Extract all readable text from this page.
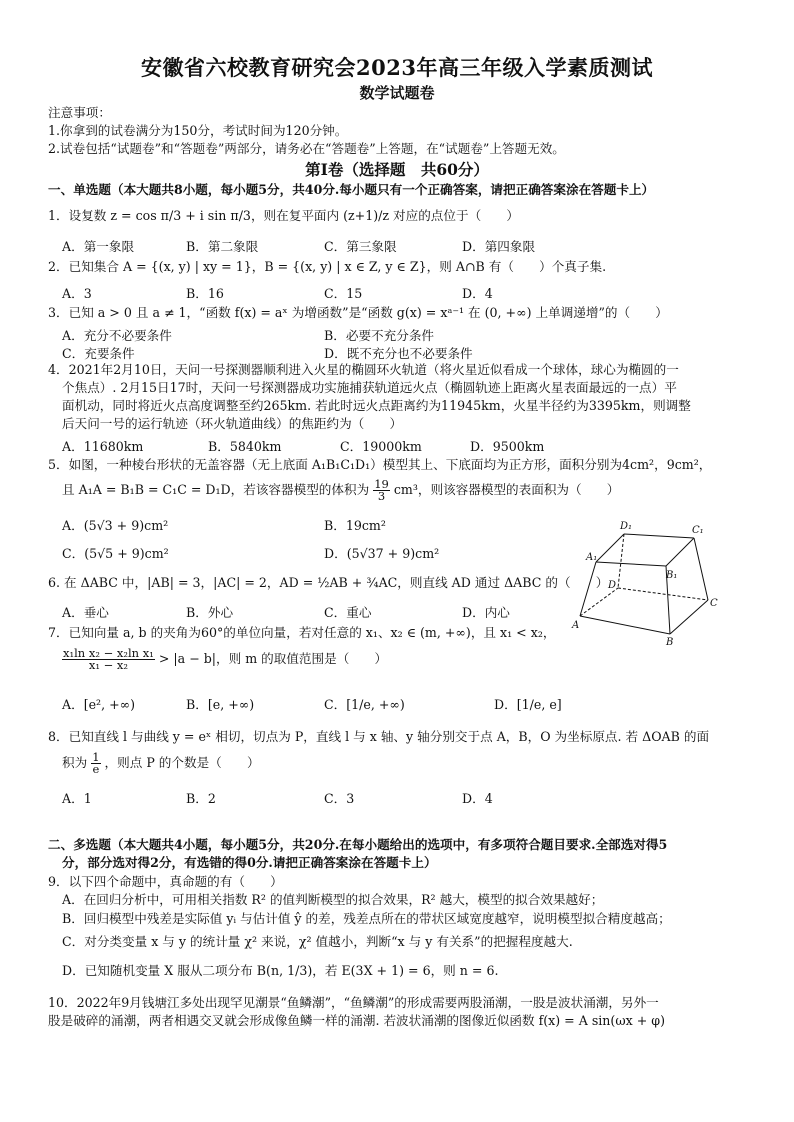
安徽省六校教育研究会2023年高三年级入学素质测试
数学试题卷
注意事项：
1.你拿到的试卷满分为150分，考试时间为120分钟。
2.试卷包括“试题卷”和“答题卷”两部分，请务必在“答题卷”上答题，在“试题卷”上答题无效。
第Ⅰ卷（选择题　共60分）
一、单选题（本大题共8小题，每小题5分，共40分.每小题只有一个正确答案，请把正确答案涂在答题卡上）
1．设复数 z = cos π/3 + i sin π/3，则在复平面内 (z+1)/z 对应的点位于（　　）
A．第一象限	B．第二象限	C．第三象限	D．第四象限
2．已知集合 A = {(x, y) | xy = 1}，B = {(x, y) | x ∈ Z, y ∈ Z}，则 A∩B 有（　　）个真子集.
A．3	B．16	C．15	D．4
3．已知 a > 0 且 a ≠ 1，“函数 f(x) = aˣ 为增函数”是“函数 g(x) = xᵃ⁻¹ 在 (0, +∞) 上单调递增”的（　　）
A．充分不必要条件	B．必要不充分条件
C．充要条件	D．既不充分也不必要条件
4．2021年2月10日，天问一号探测器顺利进入火星的椭圆环火轨道（将火星近似看成一个球体，球心为椭圆的一
个焦点）. 2月15日17时，天问一号探测器成功实施捕获轨道远火点（椭圆轨迹上距离火星表面最远的一点）平
面机动，同时将近火点高度调整至约265km. 若此时远火点距离约为11945km，火星半径约为3395km，则调整
后天问一号的运行轨迹（环火轨道曲线）的焦距约为（　　）
A．11680km	B．5840km	C．19000km	D．9500km
5．如图，一种棱台形状的无盖容器（无上底面 A₁B₁C₁D₁）模型其上、下底面均为正方形，面积分别为4cm²，9cm²，
且 A₁A = B₁B = C₁C = D₁D，若该容器模型的体积为 $\frac{19}{3} cm^3$，则该容器模型的表面积为（　　）
A．(5√3 + 9)cm²	B．19cm²
C．(5√5 + 9)cm²	D．(5√37 + 9)cm²
D₁	C₁
A₁
B₁
D
C
A
B
6. 在 ΔABC 中，|AB| = 3，|AC| = 2，AD = ½AB + ¾AC，则直线 AD 通过 ΔABC 的（　　）
A．垂心	B．外心	C．重心	D．内心
7．已知向量 a, b 的夹角为60°的单位向量，若对任意的 x₁、x₂ ∈ (m, +∞)，且 x₁ < x₂，
$\frac{\text{x₁ln x₂ − x₂ln x₁}}{\text{x₁ − x₂}} > |a - b|$，则 m 的取值范围是（　　）
A．[e², +∞)	B．[e, +∞)	C．[1/e, +∞)	D．[1/e, e]
8．已知直线 l 与曲线 y = eˣ 相切，切点为 P，直线 l 与 x 轴、y 轴分别交于点 A，B，O 为坐标原点. 若 ΔOAB 的面
积为 $\frac{1}{e}$ ，则点 P 的个数是（　　）
A．1	B．2	C．3	D．4
二、多选题（本大题共4小题，每小题5分，共20分.在每小题给出的选项中，有多项符合题目要求.全部选对得5
分，部分选对得2分，有选错的得0分.请把正确答案涂在答题卡上）
9．以下四个命题中，真命题的有（　　）
A．在回归分析中，可用相关指数 R² 的值判断模型的拟合效果，R² 越大，模型的拟合效果越好；
B．回归模型中残差是实际值 yᵢ 与估计值 ŷ 的差，残差点所在的带状区域宽度越窄，说明模型拟合精度越高；
C．对分类变量 x 与 y 的统计量 χ² 来说，χ² 值越小，判断“x 与 y 有关系”的把握程度越大.
D．已知随机变量 X 服从二项分布 B(n, 1/3)，若 E(3X + 1) = 6，则 n = 6.
10．2022年9月钱塘江多处出现罕见潮景“鱼鳞潮”，“鱼鳞潮”的形成需要两股涌潮，一股是波状涌潮，另外一
股是破碎的涌潮，两者相遇交叉就会形成像鱼鳞一样的涌潮. 若波状涌潮的图像近似函数 f(x) = A sin(ωx + φ)
